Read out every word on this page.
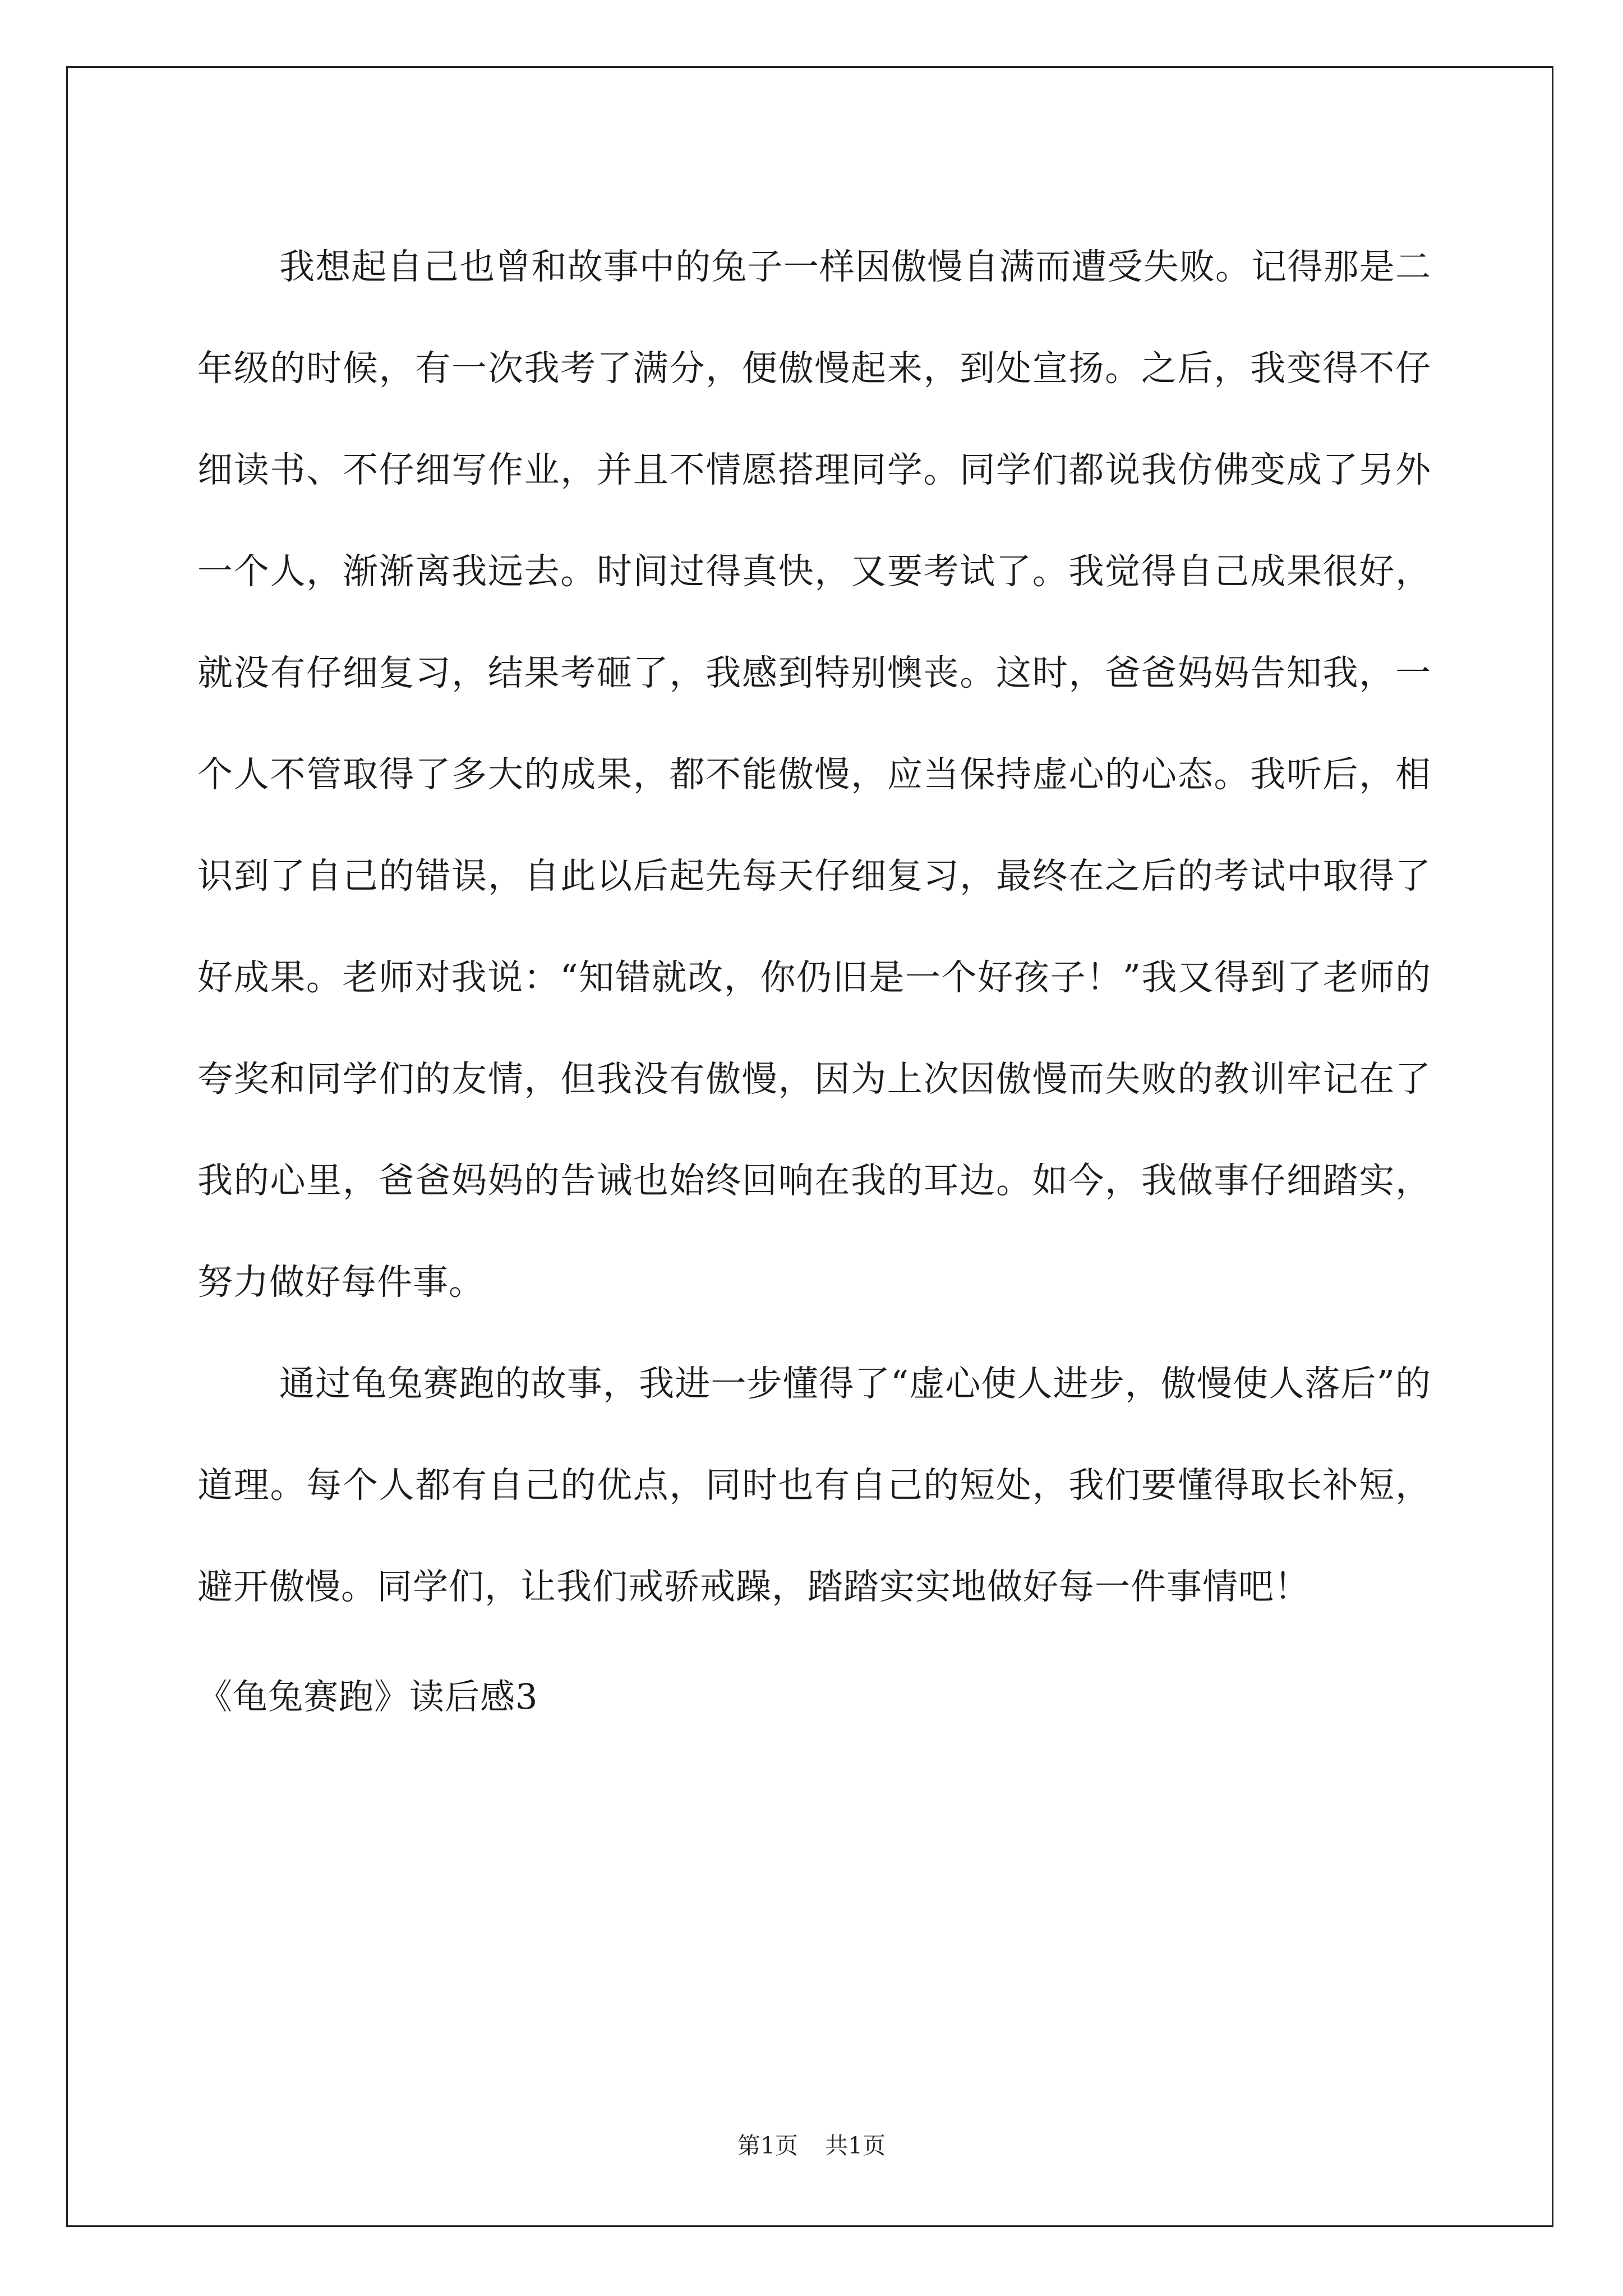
我想起自己也曾和故事中的兔子一样因傲慢自满而遭受失败。记得那是二年级的时候，有一次我考了满分，便傲慢起来，到处宣扬。之后，我变得不仔细读书、不仔细写作业，并且不情愿搭理同学。同学们都说我仿佛变成了另外一个人，渐渐离我远去。时间过得真快，又要考试了。我觉得自己成果很好，就没有仔细复习，结果考砸了，我感到特别懊丧。这时，爸爸妈妈告知我，一个人不管取得了多大的成果，都不能傲慢，应当保持虚心的心态。我听后，相识到了自己的错误，自此以后起先每天仔细复习，最终在之后的考试中取得了好成果。老师对我说：“知错就改，你仍旧是一个好孩子！”我又得到了老师的夸奖和同学们的友情，但我没有傲慢，因为上次因傲慢而失败的教训牢记在了我的心里，爸爸妈妈的告诫也始终回响在我的耳边。如今，我做事仔细踏实，努力做好每件事。

通过龟兔赛跑的故事，我进一步懂得了“虚心使人进步，傲慢使人落后”的道理。每个人都有自己的优点，同时也有自己的短处，我们要懂得取长补短，避开傲慢。同学们，让我们戒骄戒躁，踏踏实实地做好每一件事情吧！

《龟兔赛跑》读后感3
第1页 共1页
